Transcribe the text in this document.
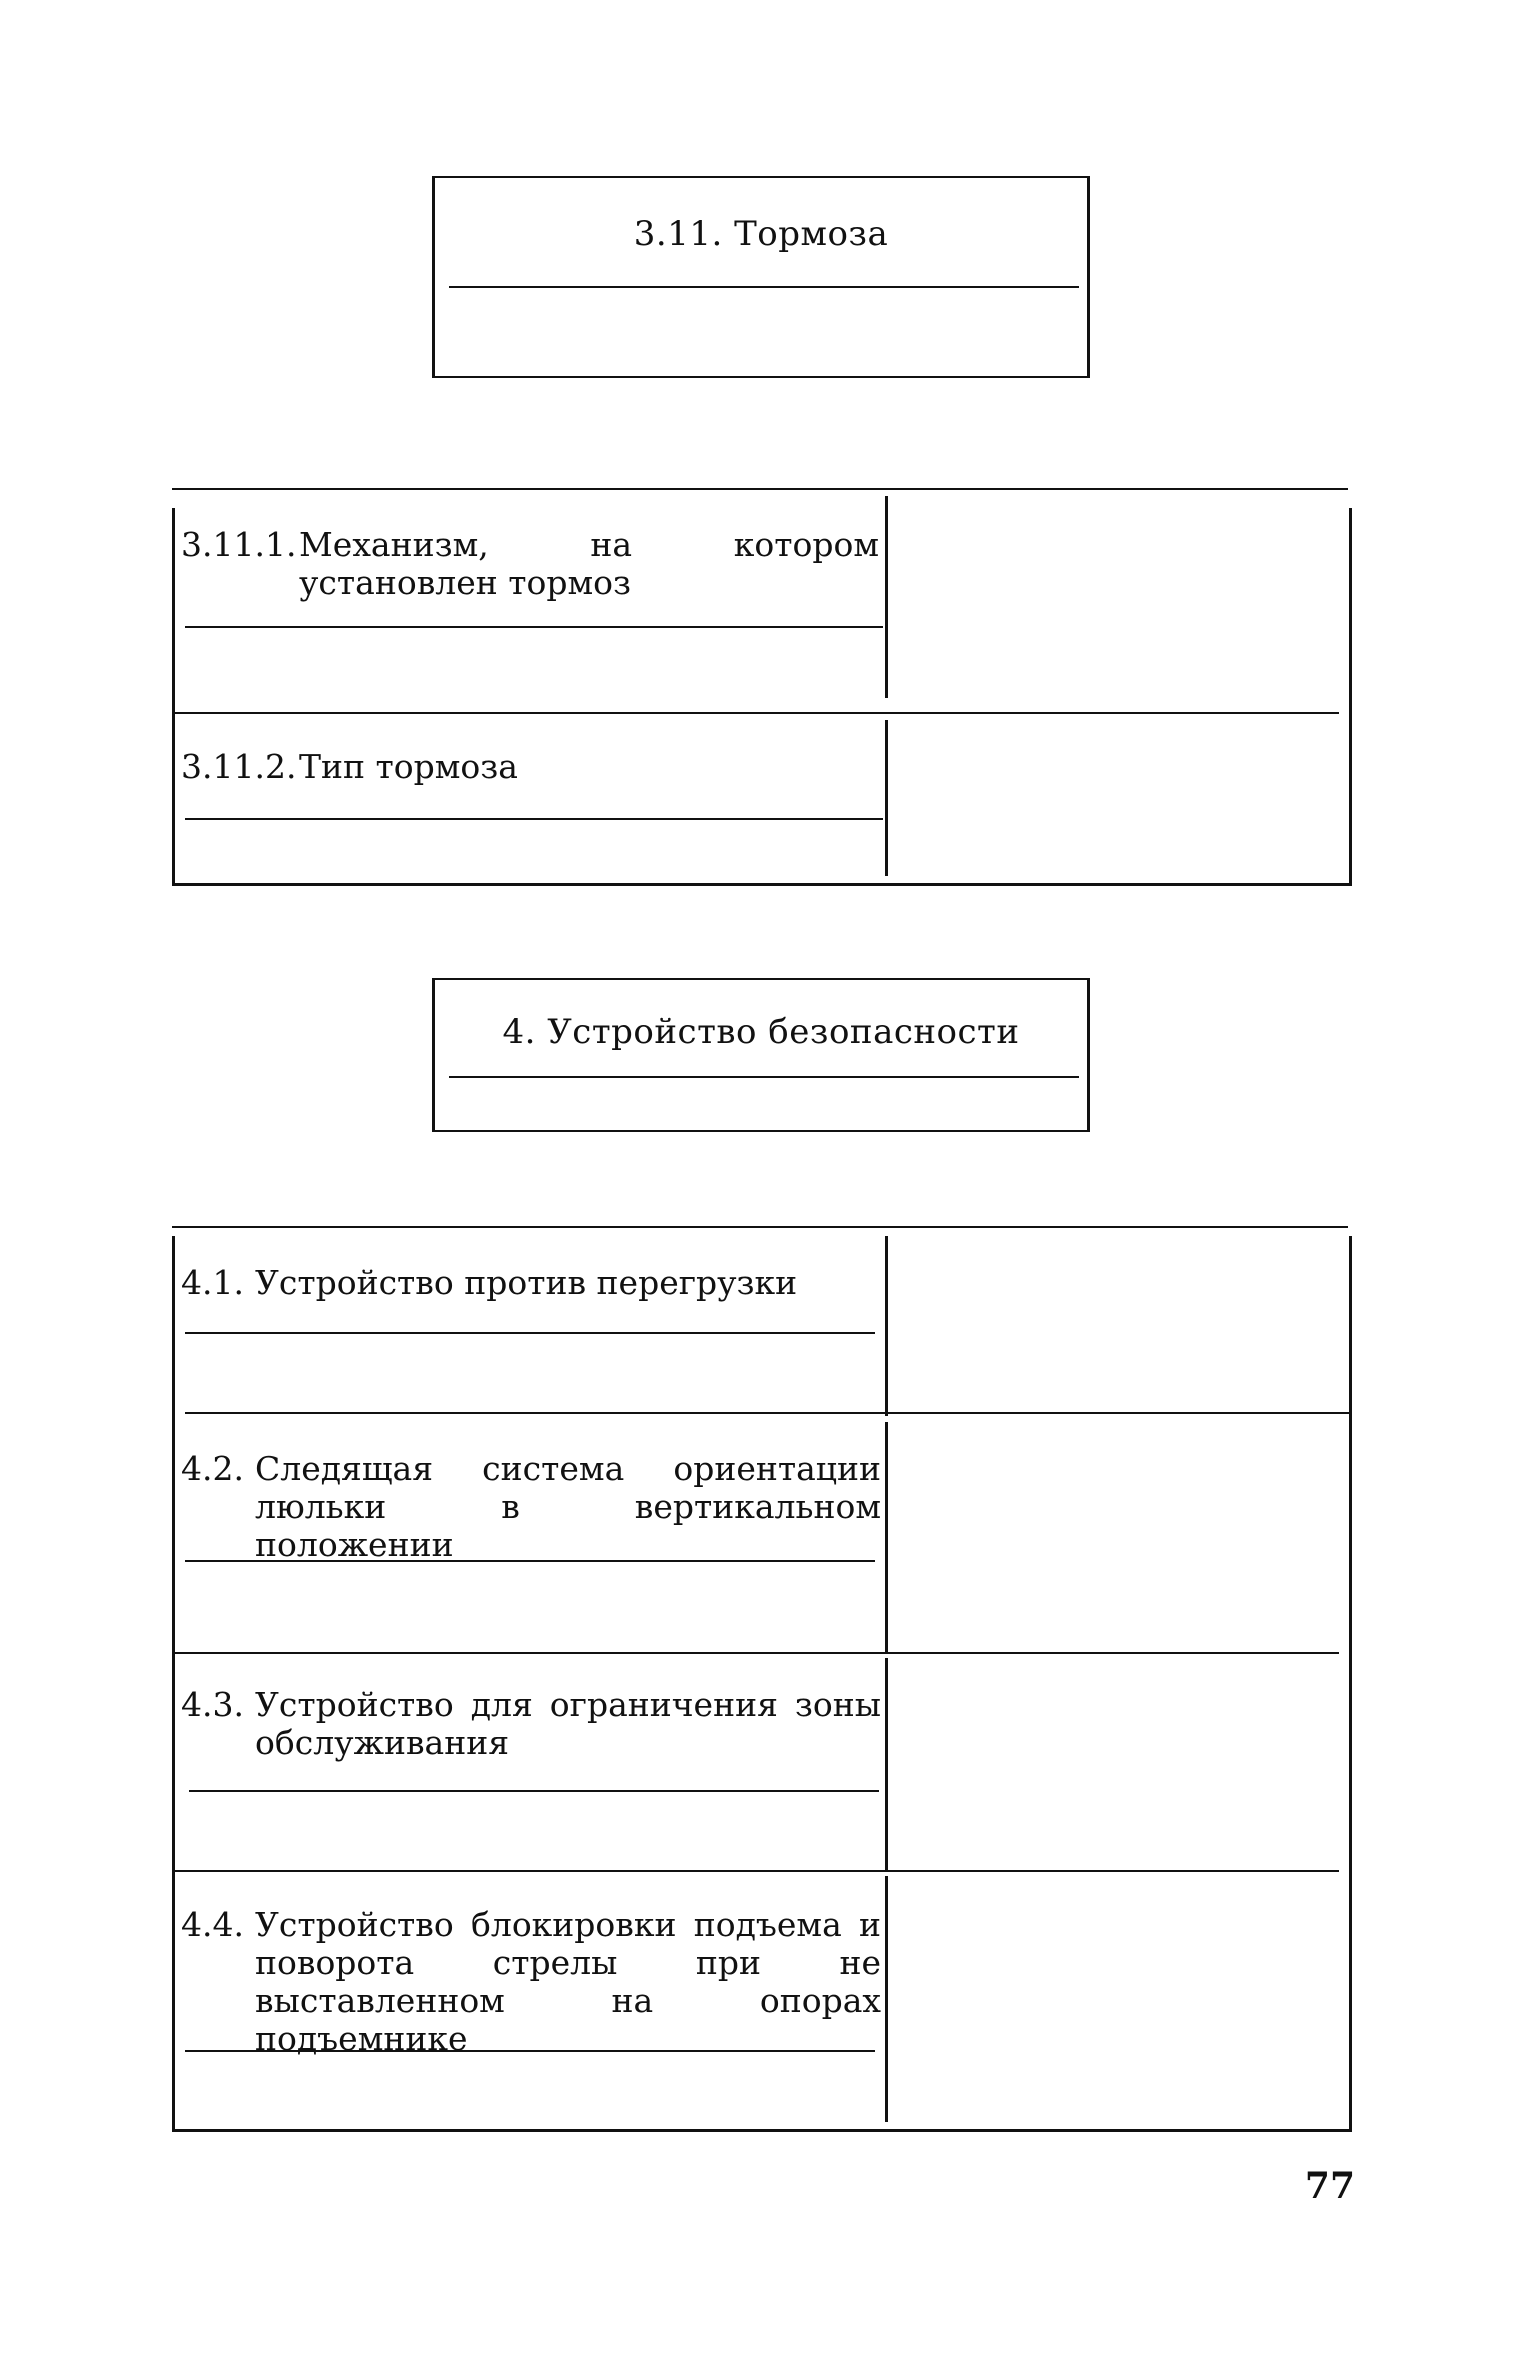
3.11. Тормоза
3.11.1. Механизм, на котором установлен тормоз
3.11.2. Тип тормоза
4. Устройство безопасности
4.1. Устройство против перегрузки
4.2. Следящая система ориентации люльки в вертикальном положении
4.3. Устройство для ограничения зоны обслуживания
4.4. Устройство блокировки подъема и поворота стрелы при не выставленном на опорах подъемнике
77
